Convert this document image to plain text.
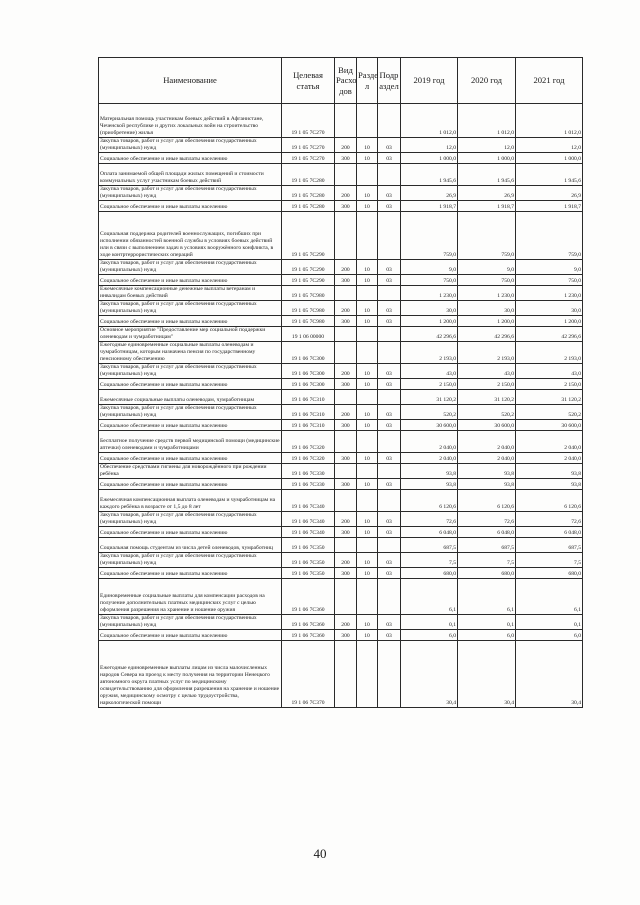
Наименование	Целевая статья	Вид Расхо дов	Разде л	Подр аздел	2019 год	2020 год	2021 год
Материальная помощь участникам боевых действий в Афганистане, Чеченской республике и других локальных войн на строительство (приобретение) жилья	19 1 05 7С270				1 012,0	1 012,0	1 012,0
Закупка товаров, работ и услуг для обеспечения государственных (муниципальных) нужд	19 1 05 7С270	200	10	03	12,0	12,0	12,0
Социальное обеспечение и иные выплаты населению	19 1 05 7С270	300	10	03	1 000,0	1 000,0	1 000,0
Оплата занимаемой общей площади жилых помещений и стоимости коммунальных услуг участникам боевых действий	19 1 05 7С280				1 945,6	1 945,6	1 945,6
Закупка товаров, работ и услуг для обеспечения государственных (муниципальных) нужд	19 1 05 7С280	200	10	03	26,9	26,9	26,9
Социальное обеспечение и иные выплаты населению	19 1 05 7С280	300	10	03	1 918,7	1 918,7	1 918,7
Социальная поддержка родителей военнослужащих, погибших при исполнении обязанностей военной службы в условиях боевых действий или в связи с выполнением задач в условиях вооружённого конфликта, в ходе контртеррористических операций	19 1 05 7С290				759,0	759,0	759,0
Закупка товаров, работ и услуг для обеспечения государственных (муниципальных) нужд	19 1 05 7С290	200	10	03	9,0	9,0	9,0
Социальное обеспечение и иные выплаты населению	19 1 05 7С290	300	10	03	750,0	750,0	750,0
Ежемесячные компенсационные денежные выплаты ветеранам и инвалидам боевых действий	19 1 05 7С980				1 230,0	1 230,0	1 230,0
Закупка товаров, работ и услуг для обеспечения государственных (муниципальных) нужд	19 1 05 7С980	200	10	03	30,0	30,0	30,0
Социальное обеспечение и иные выплаты населению	19 1 05 7С980	300	10	03	1 200,0	1 200,0	1 200,0
Основное мероприятие "Предоставление мер социальной поддержки оленеводам и чумработницам"	19 1 06 00000				42 296,6	42 296,6	42 296,6
Ежегодные единовременные социальные выплаты оленеводам и чумработницам, которым назначена пенсия по государственному пенсионному обеспечению	19 1 06 7С300				2 193,0	2 193,0	2 193,0
Закупка товаров, работ и услуг для обеспечения государственных (муниципальных) нужд	19 1 06 7С300	200	10	03	43,0	43,0	43,0
Социальное обеспечение и иные выплаты населению	19 1 06 7С300	300	10	03	2 150,0	2 150,0	2 150,0
Ежемесячные социальные выплаты оленеводам, чумработницам	19 1 06 7С310				31 120,2	31 120,2	31 120,2
Закупка товаров, работ и услуг для обеспечения государственных (муниципальных) нужд	19 1 06 7С310	200	10	03	520,2	520,2	520,2
Социальное обеспечение и иные выплаты населению	19 1 06 7С310	300	10	03	30 600,0	30 600,0	30 600,0
Бесплатное получение средств первой медицинской помощи (медицинские аптечки) оленеводами и чумработницами	19 1 06 7С320				2 040,0	2 040,0	2 040,0
Социальное обеспечение и иные выплаты населению	19 1 06 7С320	300	10	03	2 040,0	2 040,0	2 040,0
Обеспечение средствами гигиены для новорождённого при рождении ребёнка	19 1 06 7С330				93,8	93,8	93,8
Социальное обеспечение и иные выплаты населению	19 1 06 7С330	300	10	03	93,8	93,8	93,8
Ежемесячная компенсационная выплата оленеводам и чумработницам на каждого ребёнка в возрасте от 1,5 до 8 лет	19 1 06 7С340				6 120,6	6 120,6	6 120,6
Закупка товаров, работ и услуг для обеспечения государственных (муниципальных) нужд	19 1 06 7С340	200	10	03	72,6	72,6	72,6
Социальное обеспечение и иные выплаты населению	19 1 06 7С340	300	10	03	6 048,0	6 048,0	6 048,0
Социальная помощь студентам из числа детей оленеводов, чумработниц	19 1 06 7С350				687,5	687,5	687,5
Закупка товаров, работ и услуг для обеспечения государственных (муниципальных) нужд	19 1 06 7С350	200	10	03	7,5	7,5	7,5
Социальное обеспечение и иные выплаты населению	19 1 06 7С350	300	10	03	680,0	680,0	680,0
Единовременные социальные выплаты для компенсации расходов на получение дополнительных платных медицинских услуг с целью оформления разрешения на хранение и ношение оружия	19 1 06 7С360				6,1	6,1	6,1
Закупка товаров, работ и услуг для обеспечения государственных (муниципальных) нужд	19 1 06 7С360	200	10	03	0,1	0,1	0,1
Социальное обеспечение и иные выплаты населению	19 1 06 7С360	300	10	03	6,0	6,0	6,0
Ежегодные единовременные выплаты лицам из числа малочисленных народов Севера на проезд к месту получения на территории Ненецкого автономного округа платных услуг по медицинскому освидетельствованию для оформления разрешения на хранение и ношение оружия, медицинскому осмотру с целью трудоустройства, наркологической помощи	19 1 06 7С370				30,4	30,4	30,4
40
